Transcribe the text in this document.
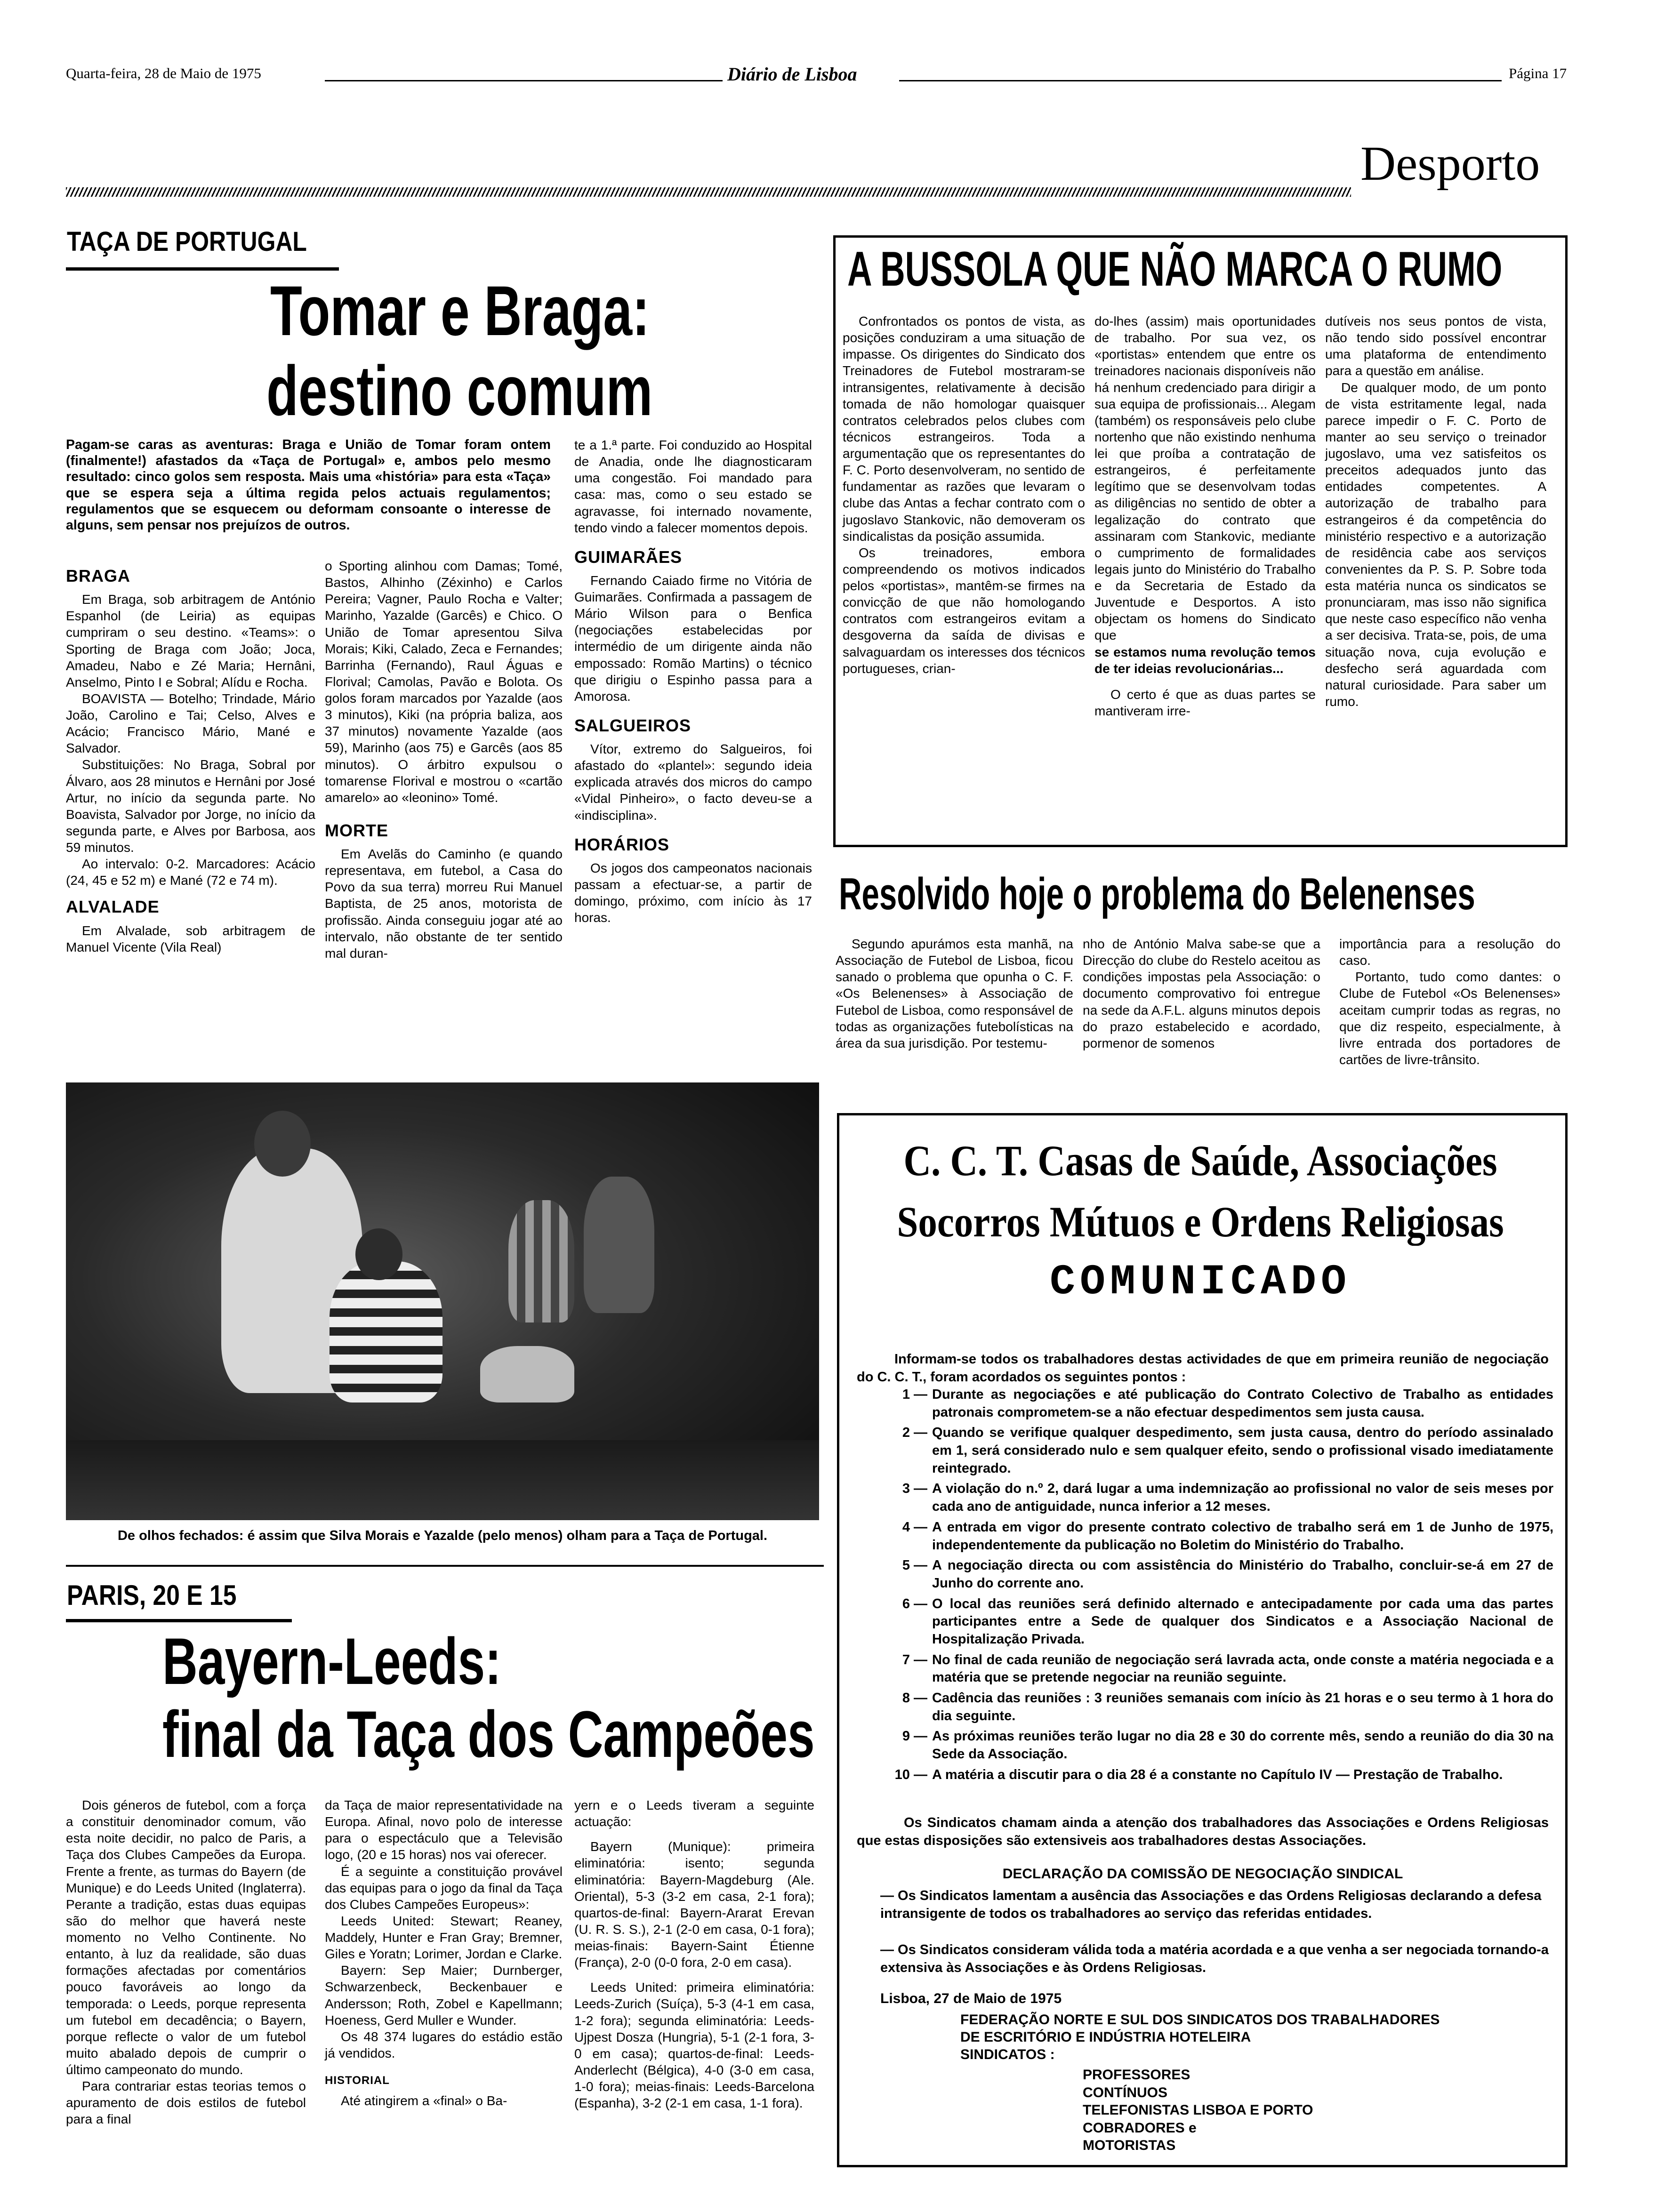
Quarta-feira, 28 de Maio de 1975	Diário de Lisboa	Página 17
Desporto
TAÇA DE PORTUGAL
Tomar e Braga:
destino comum
Pagam-se caras as aventuras: Braga e União de Tomar foram ontem (finalmente!) afastados da «Taça de Portugal» e, ambos pelo mesmo resultado: cinco golos sem resposta. Mais uma «história» para esta «Taça» que se espera seja a última regida pelos actuais regulamentos; regulamentos que se esquecem ou deformam consoante o interesse de alguns, sem pensar nos prejuízos de outros.
BRAGA

Em Braga, sob arbitragem de António Espanhol (de Leiria) as equipas cumpriram o seu destino. «Teams»: o Sporting de Braga com João; Joca, Amadeu, Nabo e Zé Maria; Hernâni, Anselmo, Pinto I e Sobral; Alídu e Rocha.

BOAVISTA — Botelho; Trindade, Mário João, Carolino e Tai; Celso, Alves e Acácio; Francisco Mário, Mané e Salvador.

Substituições: No Braga, Sobral por Álvaro, aos 28 minutos e Hernâni por José Artur, no início da segunda parte. No Boavista, Salvador por Jorge, no início da segunda parte, e Alves por Barbosa, aos 59 minutos.

Ao intervalo: 0-2. Marcadores: Acácio (24, 45 e 52 m) e Mané (72 e 74 m).

ALVALADE

Em Alvalade, sob arbitragem de Manuel Vicente (Vila Real)

o Sporting alinhou com Damas; Tomé, Bastos, Alhinho (Zéxinho) e Carlos Pereira; Vagner, Paulo Rocha e Valter; Marinho, Yazalde (Garcês) e Chico. O União de Tomar apresentou Silva Morais; Kiki, Calado, Zeca e Fernandes; Barrinha (Fernando), Raul Águas e Florival; Camolas, Pavão e Bolota. Os golos foram marcados por Yazalde (aos 3 minutos), Kiki (na própria baliza, aos 37 minutos) novamente Yazalde (aos 59), Marinho (aos 75) e Garcês (aos 85 minutos). O árbitro expulsou o tomarense Florival e mostrou o «cartão amarelo» ao «leonino» Tomé.

MORTE

Em Avelãs do Caminho (e quando representava, em futebol, a Casa do Povo da sua terra) morreu Rui Manuel Baptista, de 25 anos, motorista de profissão. Ainda conseguiu jogar até ao intervalo, não obstante de ter sentido mal duran-

te a 1.ª parte. Foi conduzido ao Hospital de Anadia, onde lhe diagnosticaram uma congestão. Foi mandado para casa: mas, como o seu estado se agravasse, foi internado novamente, tendo vindo a falecer momentos depois.

GUIMARÃES

Fernando Caiado firme no Vitória de Guimarães. Confirmada a passagem de Mário Wilson para o Benfica (negociações estabelecidas por intermédio de um dirigente ainda não empossado: Romão Martins) o técnico que dirigiu o Espinho passa para a Amorosa.

SALGUEIROS

Vítor, extremo do Salgueiros, foi afastado do «plantel»: segundo ideia explicada através dos micros do campo «Vidal Pinheiro», o facto deveu-se a «indisciplina».

HORÁRIOS

Os jogos dos campeonatos nacionais passam a efectuar-se, a partir de domingo, próximo, com início às 17 horas.

De olhos fechados: é assim que Silva Morais e Yazalde (pelo menos) olham para a Taça de Portugal.
PARIS, 20 E 15
Bayern-Leeds:
final da Taça dos Campeões

Dois géneros de futebol, com a força a constituir denominador comum, vão esta noite decidir, no palco de Paris, a Taça dos Clubes Campeões da Europa. Frente a frente, as turmas do Bayern (de Munique) e do Leeds United (Inglaterra). Perante a tradição, estas duas equipas são do melhor que haverá neste momento no Velho Continente. No entanto, à luz da realidade, são duas formações afectadas por comentários pouco favoráveis ao longo da temporada: o Leeds, porque representa um futebol em decadência; o Bayern, porque reflecte o valor de um futebol muito abalado depois de cumprir o último campeonato do mundo.

Para contrariar estas teorias temos o apuramento de dois estilos de futebol para a final

da Taça de maior representatividade na Europa. Afinal, novo polo de interesse para o espectáculo que a Televisão logo, (20 e 15 horas) nos vai oferecer.

É a seguinte a constituição provável das equipas para o jogo da final da Taça dos Clubes Campeões Europeus»:

Leeds United: Stewart; Reaney, Maddely, Hunter e Fran Gray; Bremner, Giles e Yoratn; Lorimer, Jordan e Clarke.

Bayern: Sep Maier; Durnberger, Schwarzenbeck, Beckenbauer e Andersson; Roth, Zobel e Kapellmann; Hoeness, Gerd Muller e Wunder.

Os 48 374 lugares do estádio estão já vendidos.

HISTORIAL

Até atingirem a «final» o Ba-

yern e o Leeds tiveram a seguinte actuação:

Bayern (Munique): primeira eliminatória: isento; segunda eliminatória: Bayern-Magdeburg (Ale. Oriental), 5-3 (3-2 em casa, 2-1 fora); quartos-de-final: Bayern-Ararat Erevan (U. R. S. S.), 2-1 (2-0 em casa, 0-1 fora); meias-finais: Bayern-Saint Étienne (França), 2-0 (0-0 fora, 2-0 em casa).

Leeds United: primeira eliminatória: Leeds-Zurich (Suíça), 5-3 (4-1 em casa, 1-2 fora); segunda eliminatória: Leeds-Ujpest Dosza (Hungria), 5-1 (2-1 fora, 3-0 em casa); quartos-de-final: Leeds-Anderlecht (Bélgica), 4-0 (3-0 em casa, 1-0 fora); meias-finais: Leeds-Barcelona (Espanha), 3-2 (2-1 em casa, 1-1 fora).

A BUSSOLA QUE NÃO MARCA O RUMO

Confrontados os pontos de vista, as posições conduziram a uma situação de impasse. Os dirigentes do Sindicato dos Treinadores de Futebol mostraram-se intransigentes, relativamente à decisão tomada de não homologar quaisquer contratos celebrados pelos clubes com técnicos estrangeiros. Toda a argumentação que os representantes do F. C. Porto desenvolveram, no sentido de fundamentar as razões que levaram o clube das Antas a fechar contrato com o jugoslavo Stankovic, não demoveram os sindicalistas da posição assumida.

Os treinadores, embora compreendendo os motivos indicados pelos «portistas», mantêm-se firmes na convicção de que não homologando contratos com estrangeiros evitam a desgoverna da saída de divisas e salvaguardam os interesses dos técnicos portugueses, crian-

do-lhes (assim) mais oportunidades de trabalho. Por sua vez, os «portistas» entendem que entre os treinadores nacionais disponíveis não há nenhum credenciado para dirigir a sua equipa de profissionais... Alegam (também) os responsáveis pelo clube nortenho que não existindo nenhuma lei que proíba a contratação de estrangeiros, é perfeitamente legítimo que se desenvolvam todas as diligências no sentido de obter a legalização do contrato que assinaram com Stankovic, mediante o cumprimento de formalidades legais junto do Ministério do Trabalho e da Secretaria de Estado da Juventude e Desportos. A isto objectam os homens do Sindicato que

se estamos numa revolução temos de ter ideias revolucionárias...

O certo é que as duas partes se mantiveram irre-

dutíveis nos seus pontos de vista, não tendo sido possível encontrar uma plataforma de entendimento para a questão em análise.

De qualquer modo, de um ponto de vista estritamente legal, nada parece impedir o F. C. Porto de manter ao seu serviço o treinador jugoslavo, uma vez satisfeitos os preceitos adequados junto das entidades competentes. A autorização de trabalho para estrangeiros é da competência do ministério respectivo e a autorização de residência cabe aos serviços convenientes da P. S. P. Sobre toda esta matéria nunca os sindicatos se pronunciaram, mas isso não significa que neste caso específico não venha a ser decisiva. Trata-se, pois, de uma situação nova, cuja evolução e desfecho será aguardada com natural curiosidade. Para saber um rumo.

Resolvido hoje o problema do Belenenses

Segundo apurámos esta manhã, na Associação de Futebol de Lisboa, ficou sanado o problema que opunha o C. F. «Os Belenenses» à Associação de Futebol de Lisboa, como responsável de todas as organizações futebolísticas na área da sua jurisdição. Por testemu-

nho de António Malva sabe-se que a Direcção do clube do Restelo aceitou as condições impostas pela Associação: o documento comprovativo foi entregue na sede da A.F.L. alguns minutos depois do prazo estabelecido e acordado, pormenor de somenos

importância para a resolução do caso.

Portanto, tudo como dantes: o Clube de Futebol «Os Belenenses» aceitam cumprir todas as regras, no que diz respeito, especialmente, à livre entrada dos portadores de cartões de livre-trânsito.

C. C. T. Casas de Saúde, Associações
Socorros Mútuos e Ordens Religiosas
COMUNICADO
Informam-se todos os trabalhadores destas actividades de que em primeira reunião de negociação do C. C. T., foram acordados os seguintes pontos :
1 — Durante as negociações e até publicação do Contrato Colectivo de Trabalho as entidades patronais comprometem-se a não efectuar despedimentos sem justa causa.
2 — Quando se verifique qualquer despedimento, sem justa causa, dentro do período assinalado em 1, será considerado nulo e sem qualquer efeito, sendo o profissional visado imediatamente reintegrado.
3 — A violação do n.º 2, dará lugar a uma indemnização ao profissional no valor de seis meses por cada ano de antiguidade, nunca inferior a 12 meses.
4 — A entrada em vigor do presente contrato colectivo de trabalho será em 1 de Junho de 1975, independentemente da publicação no Boletim do Ministério do Trabalho.
5 — A negociação directa ou com assistência do Ministério do Trabalho, concluir-se-á em 27 de Junho do corrente ano.
6 — O local das reuniões será definido alternado e antecipadamente por cada uma das partes participantes entre a Sede de qualquer dos Sindicatos e a Associação Nacional de Hospitalização Privada.
7 — No final de cada reunião de negociação será lavrada acta, onde conste a matéria negociada e a matéria que se pretende negociar na reunião seguinte.
8 — Cadência das reuniões : 3 reuniões semanais com início às 21 horas e o seu termo à 1 hora do dia seguinte.
9 — As próximas reuniões terão lugar no dia 28 e 30 do corrente mês, sendo a reunião do dia 30 na Sede da Associação.
10 — A matéria a discutir para o dia 28 é a constante no Capítulo IV — Prestação de Trabalho.
Os Sindicatos chamam ainda a atenção dos trabalhadores das Associações e Ordens Religiosas que estas disposições são extensiveis aos trabalhadores destas Associações.
DECLARAÇÃO DA COMISSÃO DE NEGOCIAÇÃO SINDICAL
— Os Sindicatos lamentam a ausência das Associações e das Ordens Religiosas declarando a defesa intransigente de todos os trabalhadores ao serviço das referidas entidades.
— Os Sindicatos consideram válida toda a matéria acordada e a que venha a ser negociada tornando-a extensiva às Associações e às Ordens Religiosas.
Lisboa, 27 de Maio de 1975
FEDERAÇÃO NORTE E SUL DOS SINDICATOS DOS TRABALHADORES
DE ESCRITÓRIO E INDÚSTRIA HOTELEIRA
SINDICATOS :
PROFESSORES
CONTÍNUOS
TELEFONISTAS LISBOA E PORTO
COBRADORES e
MOTORISTAS
